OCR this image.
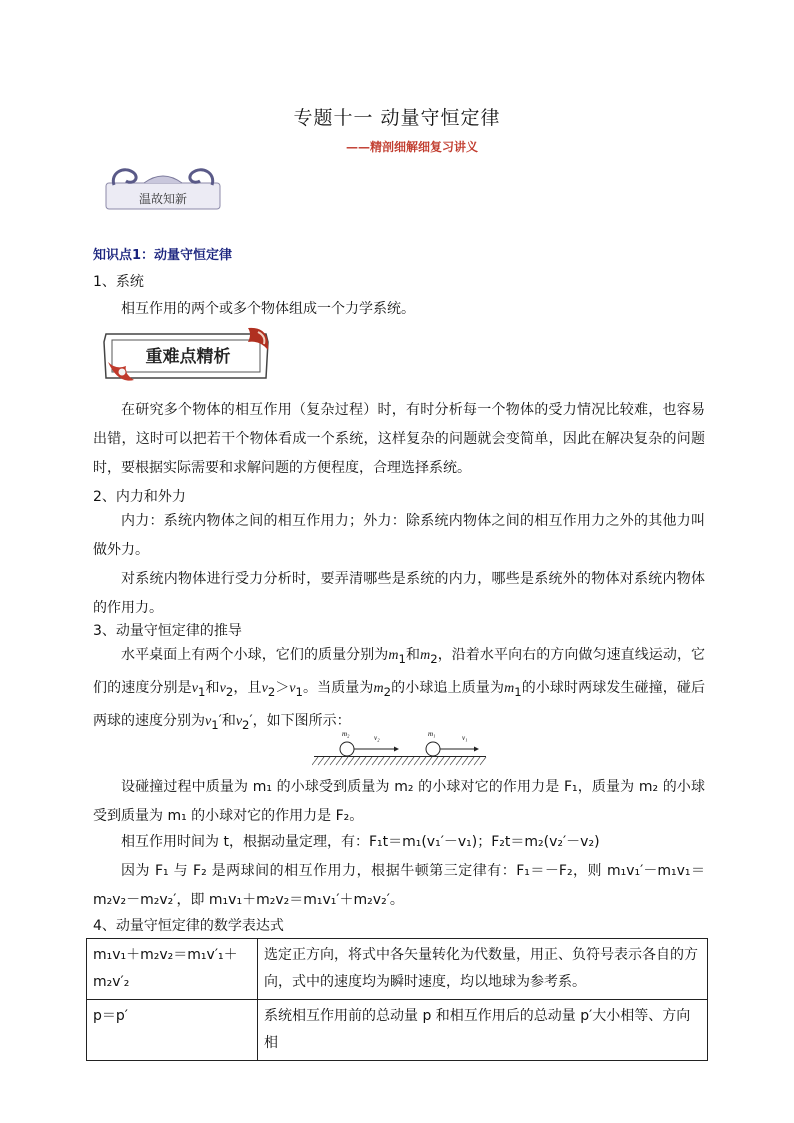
专题十一 动量守恒定律
——精剖细解细复习讲义
温故知新
知识点1：动量守恒定律
1、系统
相互作用的两个或多个物体组成一个力学系统。
重难点精析
在研究多个物体的相互作用（复杂过程）时，有时分析每一个物体的受力情况比较难，也容易出错，这时可以把若干个物体看成一个系统，这样复杂的问题就会变简单，因此在解决复杂的问题时，要根据实际需要和求解问题的方便程度，合理选择系统。
2、内力和外力
内力：系统内物体之间的相互作用力；外力：除系统内物体之间的相互作用力之外的其他力叫做外力。
对系统内物体进行受力分析时，要弄清哪些是系统的内力，哪些是系统外的物体对系统内物体的作用力。
3、动量守恒定律的推导
水平桌面上有两个小球，它们的质量分别为$m_1$和$m_2$，沿着水平向右的方向做匀速直线运动，它们的速度分别是$v_1$和$v_2$，且$v_2>v_1$。当质量为$m_2$的小球追上质量为$m_1$的小球时两球发生碰撞，碰后两球的速度分别为$v_1'$和$v_2'$，如下图所示：
m₂	v₂	m₁	v₁
设碰撞过程中质量为 m₁ 的小球受到质量为 m₂ 的小球对它的作用力是 F₁，质量为 m₂ 的小球受到质量为 m₁ 的小球对它的作用力是 F₂。
相互作用时间为 t，根据动量定理，有：F₁t＝m₁(v₁′－v₁)；F₂t＝m₂(v₂′－v₂)
因为 F₁ 与 F₂ 是两球间的相互作用力，根据牛顿第三定律有：F₁＝－F₂，则 m₁v₁′－m₁v₁＝m₂v₂－m₂v₂′，即 m₁v₁＋m₂v₂＝m₁v₁′＋m₂v₂′。
4、动量守恒定律的数学表达式
m₁v₁＋m₂v₂＝m₁v′₁＋m₂v′₂	选定正方向，将式中各矢量转化为代数量，用正、负符号表示各自的方向，式中的速度均为瞬时速度，均以地球为参考系。
p＝p′	系统相互作用前的总动量 p 和相互作用后的总动量 p′大小相等、方向相
